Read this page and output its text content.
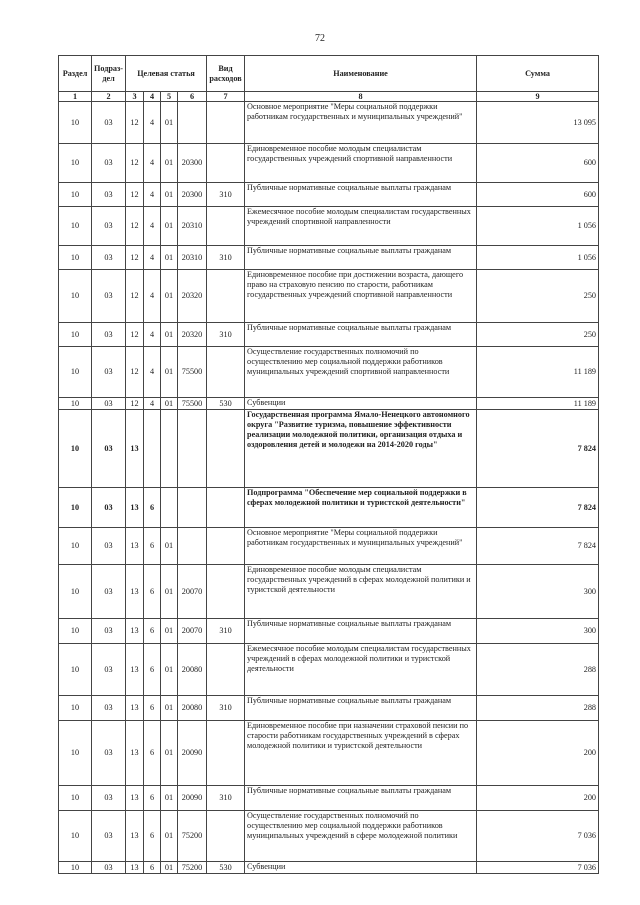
72
Раздел	Подраз-дел	Целевая статья				Вид расходов	Наименование	Сумма
1	2	3	4	5	6	7	8	9
10	03	12	4	01			Основное мероприятие "Меры социальной поддержки работникам государственных и муниципальных учреждений"	13 095
10	03	12	4	01	20300		Единовременное пособие молодым специалистам государственных учреждений спортивной направленности	600
10	03	12	4	01	20300	310	Публичные нормативные социальные выплаты гражданам	600
10	03	12	4	01	20310		Ежемесячное пособие молодым специалистам государственных учреждений спортивной направленности	1 056
10	03	12	4	01	20310	310	Публичные нормативные социальные выплаты гражданам	1 056
10	03	12	4	01	20320		Единовременное пособие при достижении возраста, дающего право на страховую пенсию по старости, работникам государственных учреждений спортивной направленности	250
10	03	12	4	01	20320	310	Публичные нормативные социальные выплаты гражданам	250
10	03	12	4	01	75500		Осуществление государственных полномочий по осуществлению мер социальной поддержки работников муниципальных учреждений спортивной направленности	11 189
10	03	12	4	01	75500	530	Субвенции	11 189
10	03	13					Государственная программа Ямало-Ненецкого автономного округа "Развитие туризма, повышение эффективности реализации молодежной политики, организация отдыха и оздоровления детей и молодежи на 2014-2020 годы"	7 824
10	03	13	6				Подпрограмма "Обеспечение мер социальной поддержки в сферах молодежной политики и туристской деятельности"	7 824
10	03	13	6	01			Основное мероприятие "Меры социальной поддержки работникам государственных и муниципальных учреждений"	7 824
10	03	13	6	01	20070		Единовременное пособие молодым специалистам государственных учреждений в сферах молодежной политики и туристской деятельности	300
10	03	13	6	01	20070	310	Публичные нормативные социальные выплаты гражданам	300
10	03	13	6	01	20080		Ежемесячное пособие молодым специалистам государственных учреждений в сферах молодежной политики и туристской деятельности	288
10	03	13	6	01	20080	310	Публичные нормативные социальные выплаты гражданам	288
10	03	13	6	01	20090		Единовременное пособие при назначении страховой пенсии по старости работникам государственных учреждений в сферах молодежной политики и туристской деятельности	200
10	03	13	6	01	20090	310	Публичные нормативные социальные выплаты гражданам	200
10	03	13	6	01	75200		Осуществление государственных полномочий по осуществлению мер социальной поддержки работников муниципальных учреждений в сфере молодежной политики	7 036
10	03	13	6	01	75200	530	Субвенции	7 036
